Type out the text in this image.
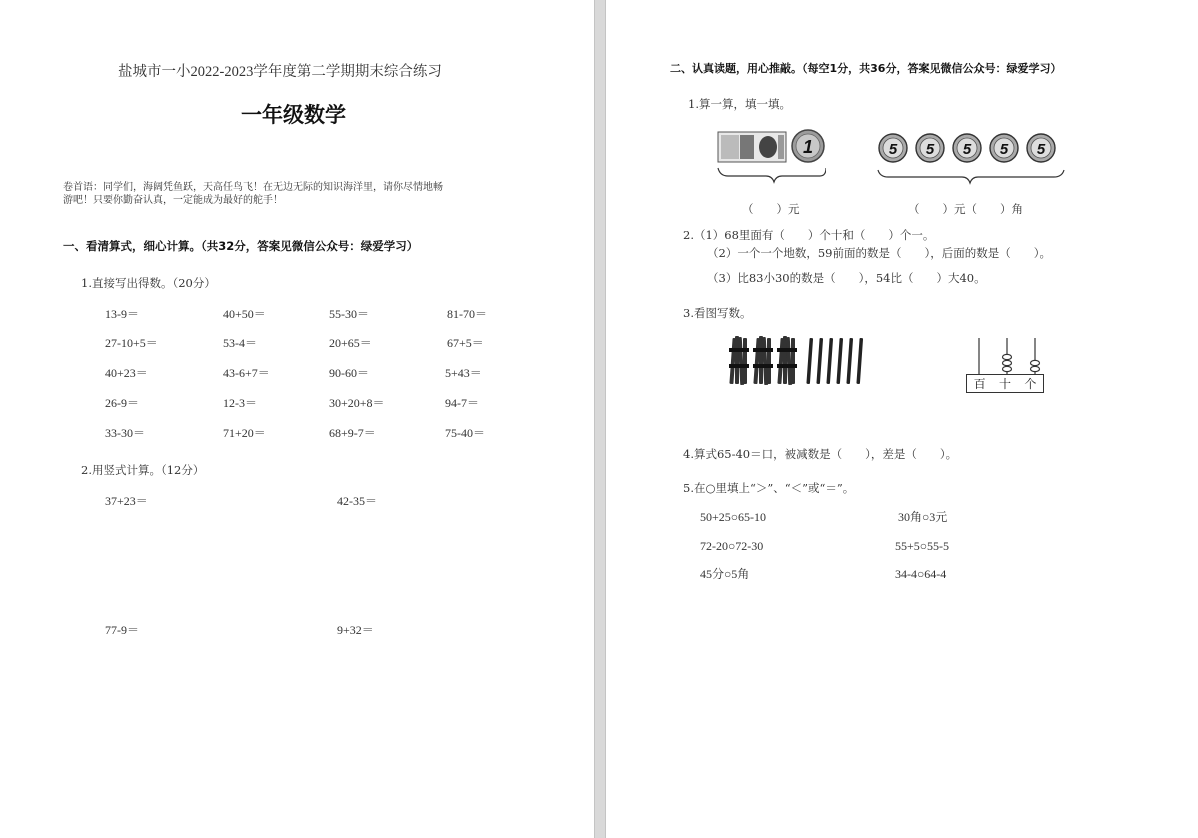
盐城市一小2022-2023学年度第二学期期末综合练习
一年级数学
卷首语：同学们，海阔凭鱼跃，天高任鸟飞！在无边无际的知识海洋里，请你尽情地畅
游吧！只要你勤奋认真，一定能成为最好的舵手！
一、看清算式，细心计算。（共32分，答案见微信公众号：绿爱学习）
1.直接写出得数。（20分）
13-9＝	40+50＝	55-30＝	81-70＝
27-10+5＝	53-4＝	20+65＝	67+5＝
40+23＝	43-6+7＝	90-60＝	5+43＝
26-9＝	12-3＝	30+20+8＝	94-7＝
33-30＝	71+20＝	68+9-7＝	75-40＝
2.用竖式计算。（12分）
37+23＝	42-35＝
77-9＝	9+32＝
二、认真读题，用心推敲。（每空1分，共36分，答案见微信公众号：绿爱学习）
1.算一算，填一填。
1	5 5 5 5 5
（　　）元	（　　）元（　　）角
2.（1）68里面有（　　）个十和（　　）个一。
（2）一个一个地数，59前面的数是（　　），后面的数是（　　）。
（3）比83小30的数是（　　），54比（　　）大40。
3.看图写数。
百 十 个
4.算式65-40＝口，被减数是（　　），差是（　　）。
5.在○里填上“＞”、“＜”或“＝”。
50+25○65-10	30角○3元
72-20○72-30	55+5○55-5
45分○5角	34-4○64-4
